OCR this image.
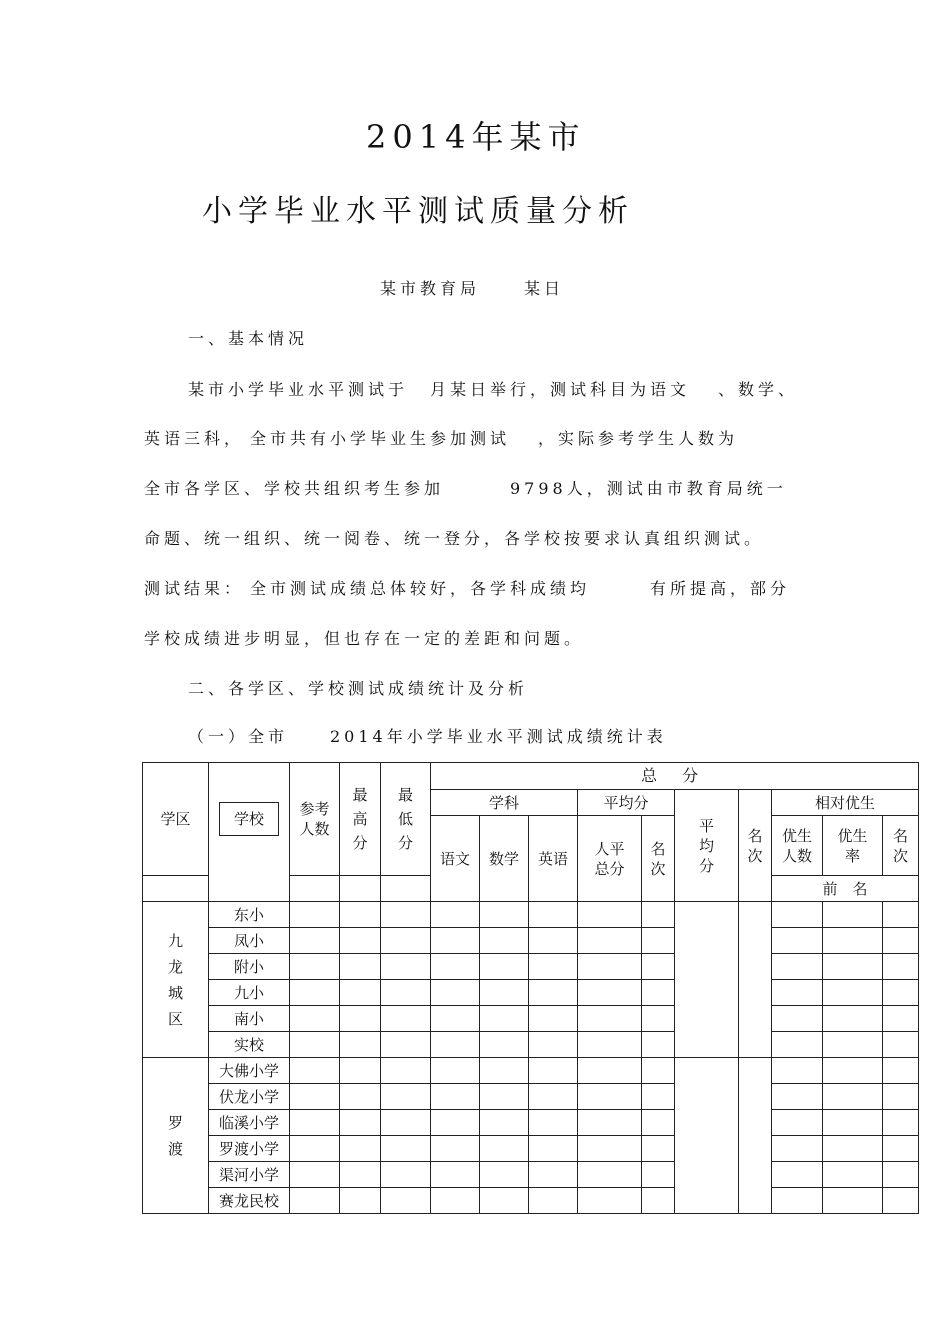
2014年某市
小学毕业水平测试质量分析
某市教育局　 某日
一、基本情况
某市小学毕业水平测试于 月某日举行，测试科目为语文 、数学、
英语三科， 全市共有小学毕业生参加测试 ，实际参考学生人数为
全市各学区、学校共组织考生参加	9798人，测试由市教育局统一
命题、统一组织、统一阅卷、统一登分，各学校按要求认真组织测试。
测试结果： 全市测试成绩总体较好，各学科成绩均	有所提高，部分
学校成绩进步明显，但也存在一定的差距和问题。
二、各学区、学校测试成绩统计及分析
（一）全市	2014年小学毕业水平测试成绩统计表
学区	学校	参考人数	最高分	最低分	总 分									
					学科			平均分		平均分	名次	相对优生		
					语文	数学	英语	人平总分	名次			优生人数	优生率	名次
												前　名		

九龙城区	东小													
	凤小													
	附小													
	九小													
	南小													
	实校													

罗渡	大佛小学													
	伏龙小学													
	临溪小学													
	罗渡小学													
	渠河小学													
	赛龙民校													
